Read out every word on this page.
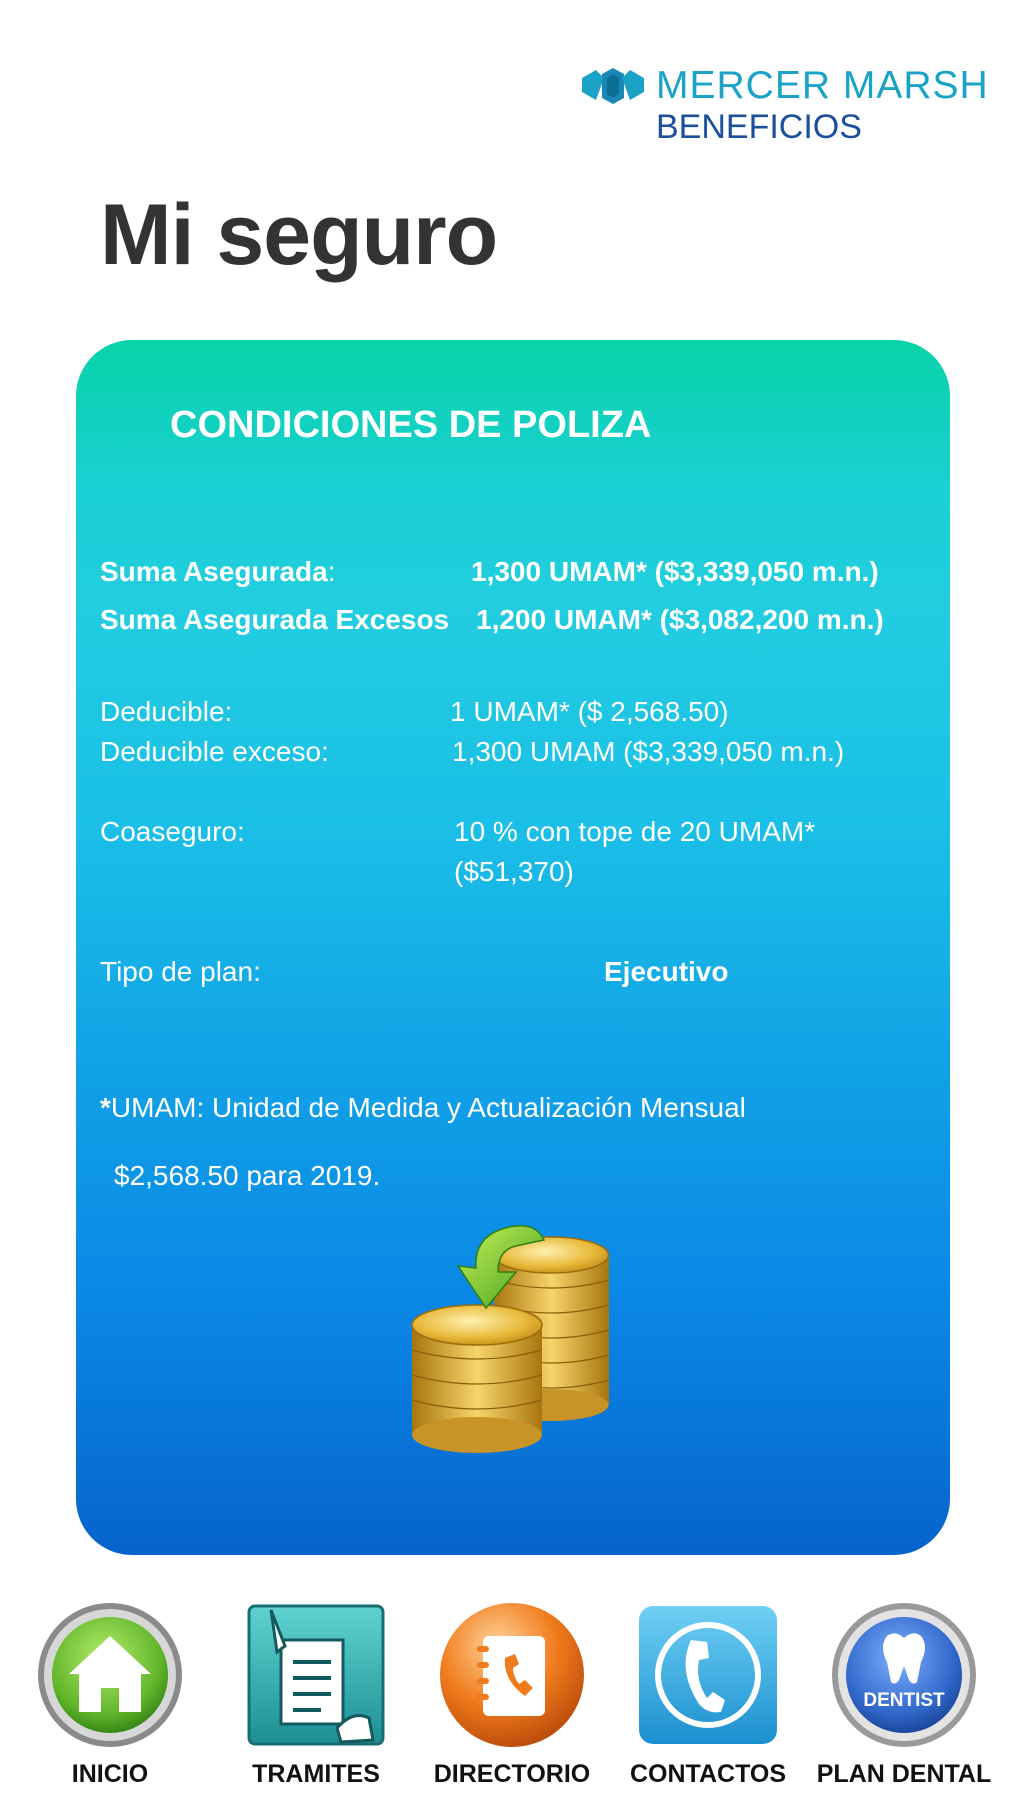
MERCER MARSH
BENEFICIOS
Mi seguro
CONDICIONES DE POLIZA
Suma Asegurada:	1,300 UMAM* ($3,339,050 m.n.)
Suma Asegurada Excesos 1,200 UMAM* ($3,082,200 m.n.)
Deducible:	1 UMAM* ($ 2,568.50)
Deducible exceso:	1,300 UMAM ($3,339,050 m.n.)
Coaseguro:	10 % con tope de 20 UMAM*
($51,370)
Tipo de plan:	Ejecutivo
*UMAM: Unidad de Medida y Actualización Mensual
$2,568.50 para 2019.
INICIO	TRAMITES	DIRECTORIO	CONTACTOS
DENTIST
PLAN DENTAL
